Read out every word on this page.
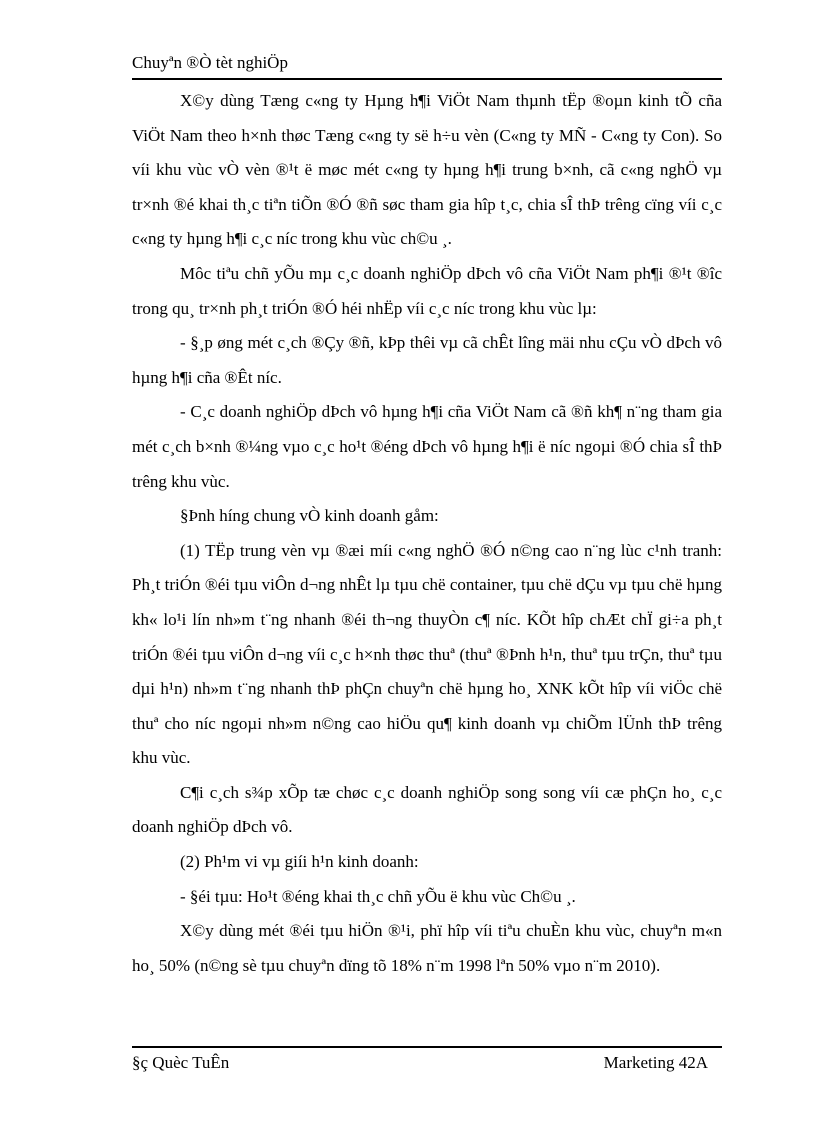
Chuyªn ®Ò tèt nghiÖp

X©y dùng Tæng c«ng ty Hµng h¶i ViÖt Nam thµnh tËp ®oµn kinh tÕ cña ViÖt Nam theo h×nh thøc Tæng c«ng ty së h÷u vèn (C«ng ty MÑ - C«ng ty Con). So víi khu vùc vÒ vèn ®¹t ë møc mét c«ng ty hµng h¶i trung b×nh, cã c«ng nghÖ vµ tr×nh ®é khai th¸c tiªn tiÕn ®Ó ®ñ søc tham gia hîp t¸c, chia sÎ thÞ trêng cïng víi c¸c c«ng ty hµng h¶i c¸c níc trong khu vùc ch©u ¸.

Môc tiªu chñ yÕu mµ c¸c doanh nghiÖp dÞch vô cña ViÖt Nam ph¶i ®¹t ®îc trong qu¸ tr×nh ph¸t triÓn ®Ó héi nhËp víi c¸c níc trong khu vùc lµ:

- §¸p øng mét c¸ch ®Çy ®ñ, kÞp thêi vµ cã chÊt lîng mäi nhu cÇu vÒ dÞch vô hµng h¶i cña ®Êt níc.

- C¸c doanh nghiÖp dÞch vô hµng h¶i cña ViÖt Nam cã ®ñ kh¶ n¨ng tham gia mét c¸ch b×nh ®¼ng vµo c¸c ho¹t ®éng dÞch vô hµng h¶i ë níc ngoµi ®Ó chia sÎ thÞ trêng khu vùc.

§Þnh híng chung vÒ kinh doanh gåm:

(1) TËp trung vèn vµ ®æi míi c«ng nghÖ ®Ó n©ng cao n¨ng lùc c¹nh tranh: Ph¸t triÓn ®éi tµu viÔn d¬ng nhÊt lµ tµu chë container, tµu chë dÇu vµ tµu chë hµng kh« lo¹i lín nh»m t¨ng nhanh ®éi th¬ng thuyÒn c¶ níc. KÕt hîp chÆt chÏ gi÷a ph¸t triÓn ®éi tµu viÔn d¬ng víi c¸c h×nh thøc thuª (thuª ®Þnh h¹n, thuª tµu trÇn, thuª tµu dµi h¹n) nh»m t¨ng nhanh thÞ phÇn chuyªn chë hµng ho¸ XNK kÕt hîp víi viÖc chë thuª cho níc ngoµi nh»m n©ng cao hiÖu qu¶ kinh doanh vµ chiÕm lÜnh thÞ trêng khu vùc.

C¶i c¸ch s¾p xÕp tæ chøc c¸c doanh nghiÖp song song víi cæ phÇn ho¸ c¸c doanh nghiÖp dÞch vô.

(2) Ph¹m vi vµ giíi h¹n kinh doanh:

- §éi tµu: Ho¹t ®éng khai th¸c chñ yÕu ë khu vùc Ch©u ¸.

X©y dùng mét ®éi tµu hiÖn ®¹i, phï hîp víi tiªu chuÈn khu vùc, chuyªn m«n ho¸ 50% (n©ng sè tµu chuyªn dïng tõ 18% n¨m 1998 lªn 50% vµo n¨m 2010).

§ç Quèc TuÊn	Marketing 42A
